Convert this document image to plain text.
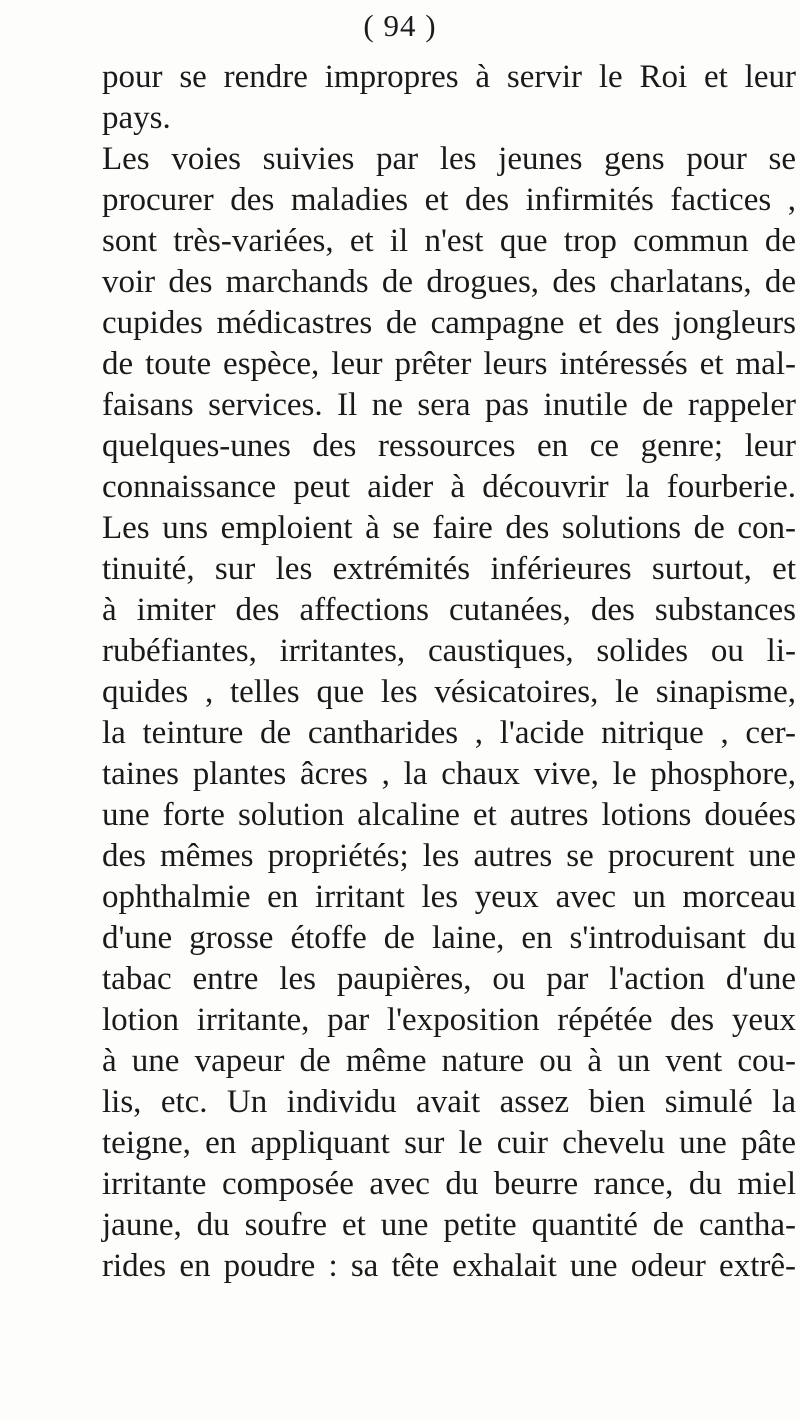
( 94 )
pour se rendre impropres à servir le Roi et leur
pays.
Les voies suivies par les jeunes gens pour se
procurer des maladies et des infirmités factices ,
sont très-variées, et il n'est que trop commun de
voir des marchands de drogues, des charlatans, de
cupides médicastres de campagne et des jongleurs
de toute espèce, leur prêter leurs intéressés et mal-
faisans services. Il ne sera pas inutile de rappeler
quelques-unes des ressources en ce genre; leur
connaissance peut aider à découvrir la fourberie.
Les uns emploient à se faire des solutions de con-
tinuité, sur les extrémités inférieures surtout, et
à imiter des affections cutanées, des substances
rubéfiantes, irritantes, caustiques, solides ou li-
quides , telles que les vésicatoires, le sinapisme,
la teinture de cantharides , l'acide nitrique , cer-
taines plantes âcres , la chaux vive, le phosphore,
une forte solution alcaline et autres lotions douées
des mêmes propriétés; les autres se procurent une
ophthalmie en irritant les yeux avec un morceau
d'une grosse étoffe de laine, en s'introduisant du
tabac entre les paupières, ou par l'action d'une
lotion irritante, par l'exposition répétée des yeux
à une vapeur de même nature ou à un vent cou-
lis, etc. Un individu avait assez bien simulé la
teigne, en appliquant sur le cuir chevelu une pâte
irritante composée avec du beurre rance, du miel
jaune, du soufre et une petite quantité de cantha-
rides en poudre : sa tête exhalait une odeur extrê-
